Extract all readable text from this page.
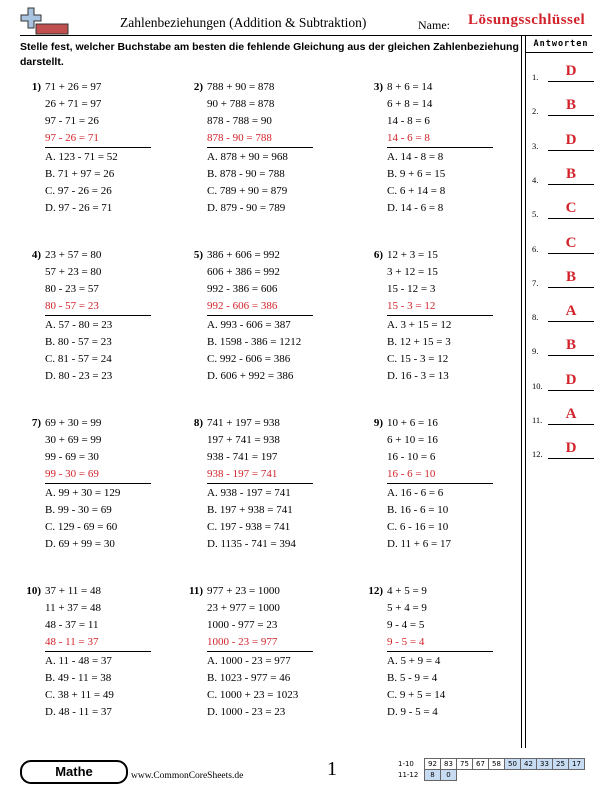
Zahlenbeziehungen (Addition & Subtraktion)	Name: Lösungsschlüssel
Stelle fest, welcher Buchstabe am besten die fehlende Gleichung aus der gleichen Zahlenbeziehung darstellt.
Antworten
1.	D
2.	B
3.	D
4.	B
5.	C
6.	C
7.	B
8.	A
9.	B
10.	D
11.	A
12.	D
1) 71 + 26 = 97
26 + 71 = 97
97 - 71 = 26
97 - 26 = 71
A. 123 - 71 = 52
B. 71 + 97 = 26
C. 97 - 26 = 26
D. 97 - 26 = 71
2) 788 + 90 = 878
90 + 788 = 878
878 - 788 = 90
878 - 90 = 788
A. 878 + 90 = 968
B. 878 - 90 = 788
C. 789 + 90 = 879
D. 879 - 90 = 789
3) 8 + 6 = 14
6 + 8 = 14
14 - 8 = 6
14 - 6 = 8
A. 14 - 8 = 8
B. 9 + 6 = 15
C. 6 + 14 = 8
D. 14 - 6 = 8
4) 23 + 57 = 80
57 + 23 = 80
80 - 23 = 57
80 - 57 = 23
A. 57 - 80 = 23
B. 80 - 57 = 23
C. 81 - 57 = 24
D. 80 - 23 = 23
5) 386 + 606 = 992
606 + 386 = 992
992 - 386 = 606
992 - 606 = 386
A. 993 - 606 = 387
B. 1598 - 386 = 1212
C. 992 - 606 = 386
D. 606 + 992 = 386
6) 12 + 3 = 15
3 + 12 = 15
15 - 12 = 3
15 - 3 = 12
A. 3 + 15 = 12
B. 12 + 15 = 3
C. 15 - 3 = 12
D. 16 - 3 = 13
7) 69 + 30 = 99
30 + 69 = 99
99 - 69 = 30
99 - 30 = 69
A. 99 + 30 = 129
B. 99 - 30 = 69
C. 129 - 69 = 60
D. 69 + 99 = 30
8) 741 + 197 = 938
197 + 741 = 938
938 - 741 = 197
938 - 197 = 741
A. 938 - 197 = 741
B. 197 + 938 = 741
C. 197 - 938 = 741
D. 1135 - 741 = 394
9) 10 + 6 = 16
6 + 10 = 16
16 - 10 = 6
16 - 6 = 10
A. 16 - 6 = 6
B. 16 - 6 = 10
C. 6 - 16 = 10
D. 11 + 6 = 17
10) 37 + 11 = 48
11 + 37 = 48
48 - 37 = 11
48 - 11 = 37
A. 11 - 48 = 37
B. 49 - 11 = 38
C. 38 + 11 = 49
D. 48 - 11 = 37
11) 977 + 23 = 1000
23 + 977 = 1000
1000 - 977 = 23
1000 - 23 = 977
A. 1000 - 23 = 977
B. 1023 - 977 = 46
C. 1000 + 23 = 1023
D. 1000 - 23 = 23
12) 4 + 5 = 9
5 + 4 = 9
9 - 4 = 5
9 - 5 = 4
A. 5 + 9 = 4
B. 5 - 9 = 4
C. 9 + 5 = 14
D. 9 - 5 = 4
Mathe	www.CommonCoreSheets.de	1	1-10	92	83	75	67	58	50	42	33	25	17
11-12	8	0								
